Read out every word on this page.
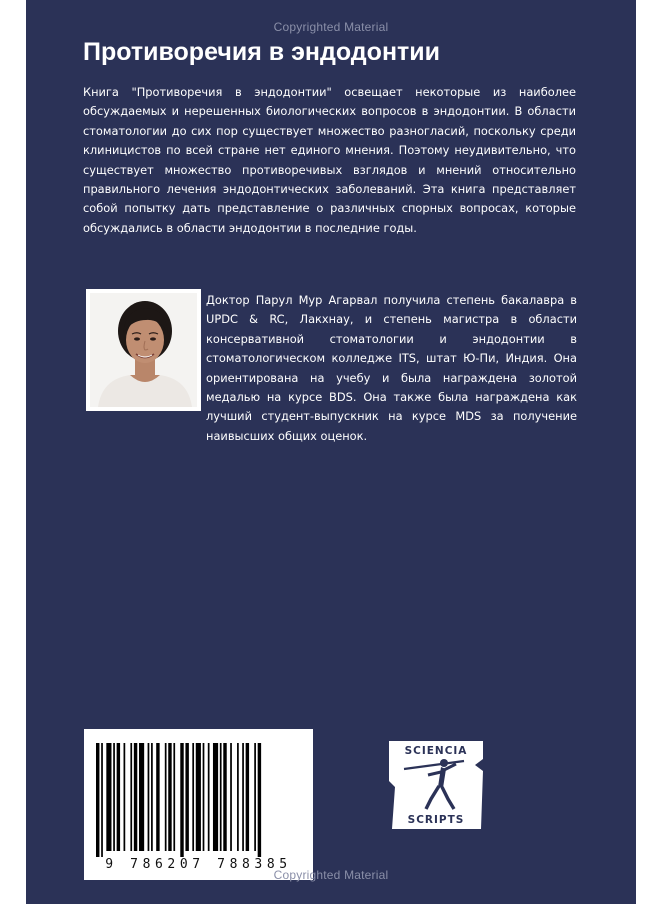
Copyrighted Material
Противоречия в эндодонтии

Книга "Противоречия в эндодонтии" освещает некоторые из наиболее обсуждаемых и нерешенных биологических вопросов в эндодонтии. В области стоматологии до сих пор существует множество разногласий, поскольку среди клиницистов по всей стране нет единого мнения. Поэтому неудивительно, что существует множество противоречивых взглядов и мнений относительно правильного лечения эндодонтических заболеваний. Эта книга представляет собой попытку дать представление о различных спорных вопросах, которые обсуждались в области эндодонтии в последние годы.

Доктор Парул Мур Агарвал получила степень бакалавра в UPDC & RC, Лакхнау, и степень магистра в области консервативной стоматологии и эндодонтии в стоматологическом колледже ITS, штат Ю-Пи, Индия. Она ориентирована на учебу и была награждена золотой медалью на курсе BDS. Она также была награждена как лучший студент-выпускник на курсе MDS за получение наивысших общих оценок.

9 786207 788385
SCIENCIA
SCRIPTS
Copyrighted Material
